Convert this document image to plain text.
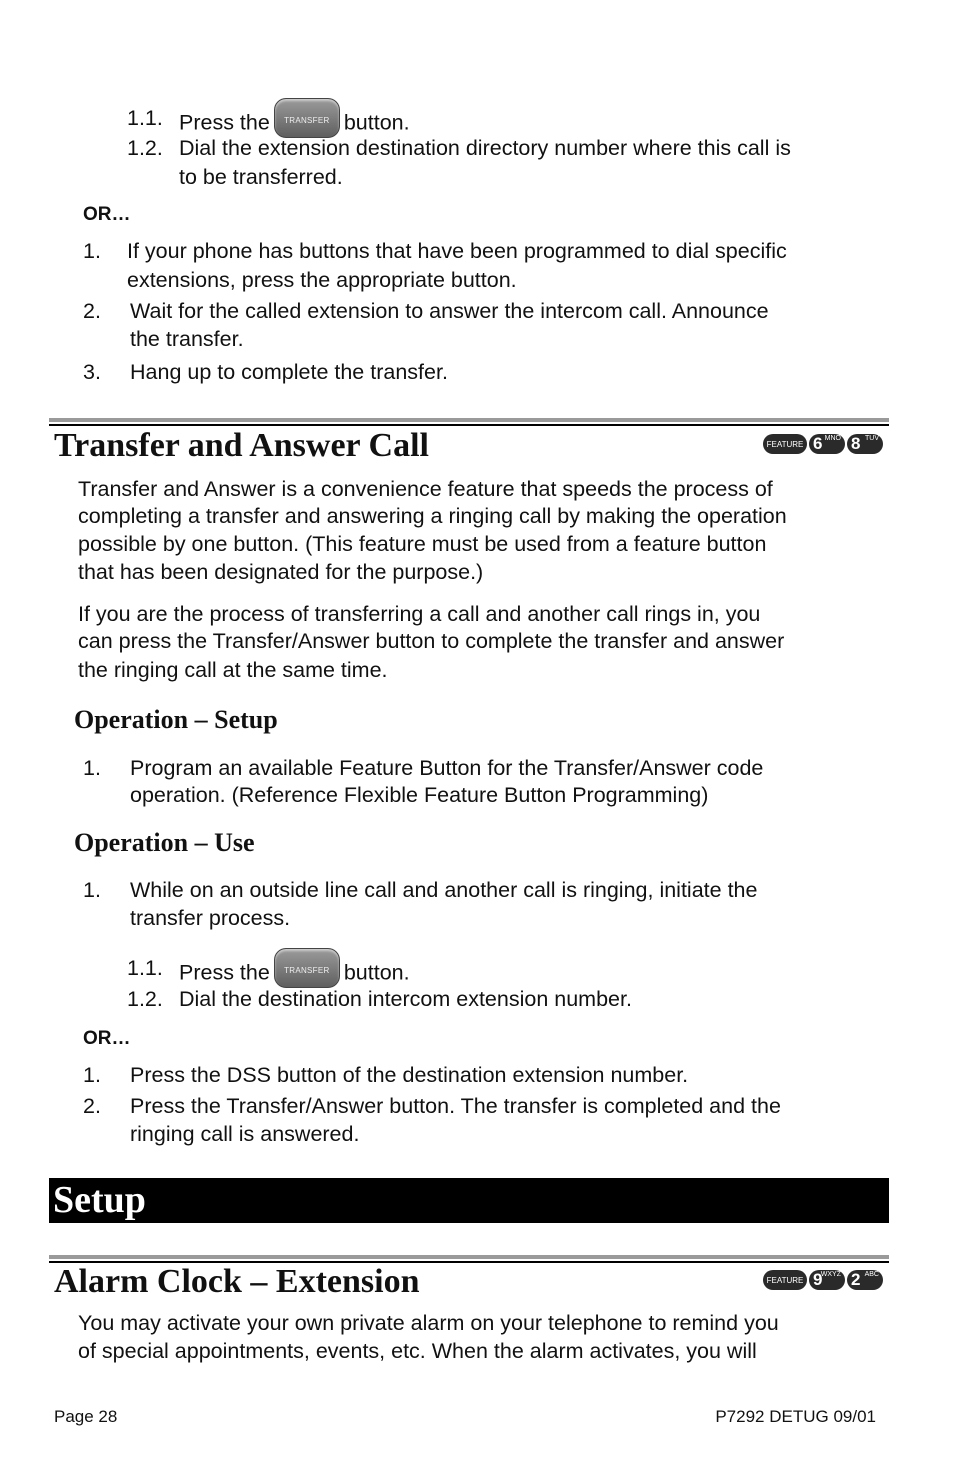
1.1. Press the	TRANSFER button.
1.2. Dial the extension destination directory number where this call is
to be transferred.
OR…
1. If your phone has buttons that have been programmed to dial specific
extensions, press the appropriate button.
2. Wait for the called extension to answer the intercom call. Announce
the transfer.
3. Hang up to complete the transfer.
Transfer and Answer Call	FEATURE 6 MNO 8 TUV
Transfer and Answer is a convenience feature that speeds the process of
completing a transfer and answering a ringing call by making the operation
possible by one button. (This feature must be used from a feature button
that has been designated for the purpose.)
If you are the process of transferring a call and another call rings in, you
can press the Transfer/Answer button to complete the transfer and answer
the ringing call at the same time.
Operation – Setup
1. Program an available Feature Button for the Transfer/Answer code
operation. (Reference Flexible Feature Button Programming)
Operation – Use
1. While on an outside line call and another call is ringing, initiate the
transfer process.
1.1. Press the	TRANSFER button.
1.2. Dial the destination intercom extension number.
OR…
1. Press the DSS button of the destination extension number.
2. Press the Transfer/Answer button. The transfer is completed and the
ringing call is answered.
Setup
Alarm Clock – Extension	FEATURE 9
WXYZ 2 ABC
You may activate your own private alarm on your telephone to remind you
of special appointments, events, etc. When the alarm activates, you will
Page 28	P7292 DETUG 09/01
